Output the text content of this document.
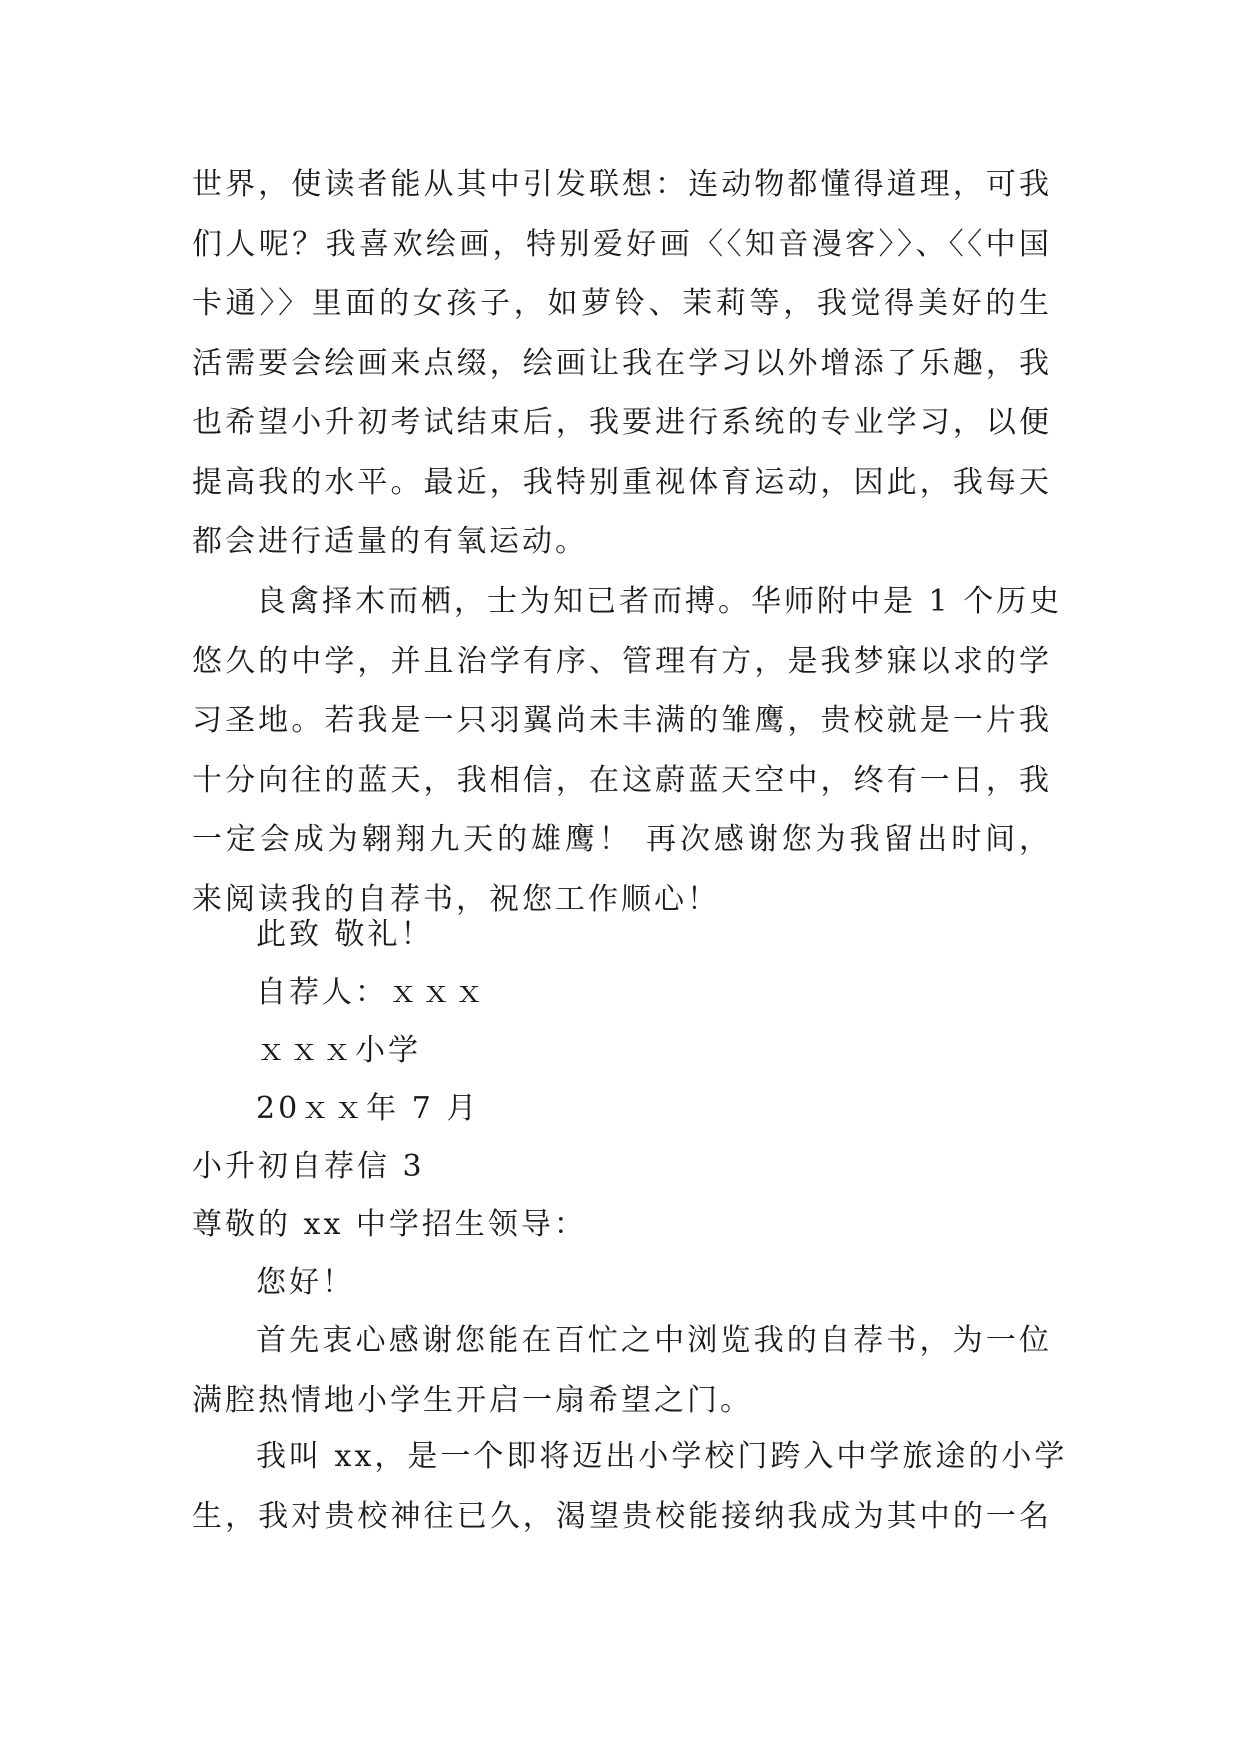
世界，使读者能从其中引发联想：连动物都懂得道理，可我
们人呢？我喜欢绘画，特别爱好画〈〈知音漫客〉〉、〈〈中国
卡通〉〉里面的女孩子，如萝铃、茉莉等，我觉得美好的生
活需要会绘画来点缀，绘画让我在学习以外增添了乐趣，我
也希望小升初考试结束后，我要进行系统的专业学习，以便
提高我的水平。最近，我特别重视体育运动，因此，我每天
都会进行适量的有氧运动。
良禽择木而栖，士为知已者而搏。华师附中是 1 个历史
悠久的中学，并且治学有序、管理有方，是我梦寐以求的学
习圣地。若我是一只羽翼尚未丰满的雏鹰，贵校就是一片我
十分向往的蓝天，我相信，在这蔚蓝天空中，终有一日，我
一定会成为翱翔九天的雄鹰！ 再次感谢您为我留出时间，
来阅读我的自荐书，祝您工作顺心！
此致 敬礼！
自荐人：ｘｘｘ
ｘｘｘ小学
20ｘｘ年 7 月
小升初自荐信 3
尊敬的 xx 中学招生领导：
您好！
首先衷心感谢您能在百忙之中浏览我的自荐书，为一位
满腔热情地小学生开启一扇希望之门。
我叫 xx，是一个即将迈出小学校门跨入中学旅途的小学
生，我对贵校神往已久，渴望贵校能接纳我成为其中的一名
